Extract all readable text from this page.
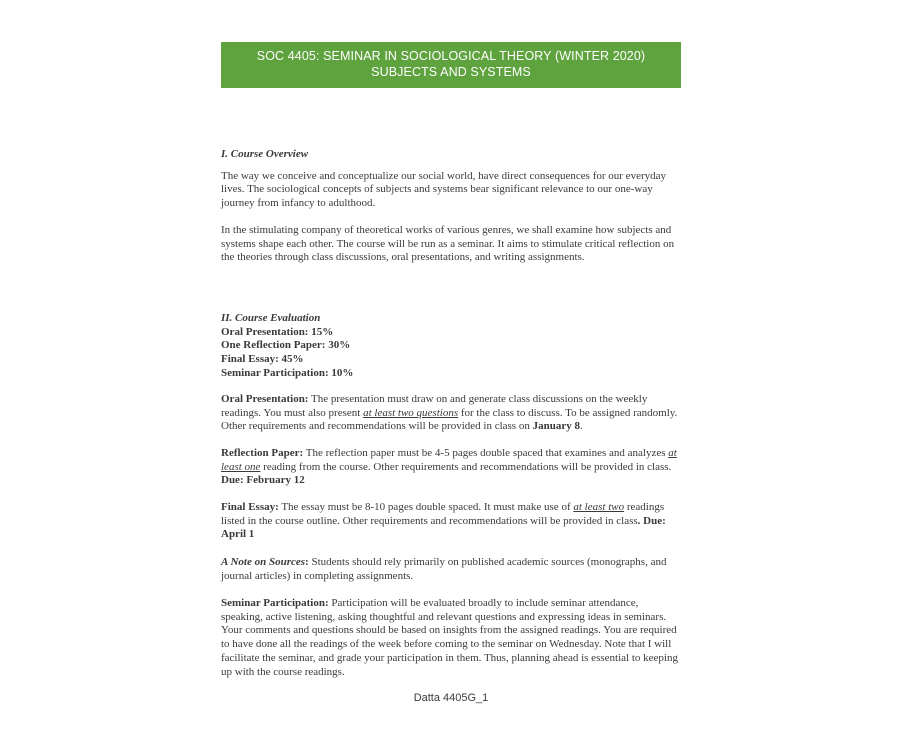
SOC 4405: SEMINAR IN SOCIOLOGICAL THEORY (WINTER 2020)
SUBJECTS AND SYSTEMS

I. Course Overview

The way we conceive and conceptualize our social world, have direct consequences for our everyday lives. The sociological concepts of subjects and systems bear significant relevance to our one-way journey from infancy to adulthood.

In the stimulating company of theoretical works of various genres, we shall examine how subjects and systems shape each other. The course will be run as a seminar. It aims to stimulate critical reflection on the theories through class discussions, oral presentations, and writing assignments.

II. Course Evaluation

Oral Presentation: 15%

One Reflection Paper: 30%

Final Essay: 45%

Seminar Participation: 10%

Oral Presentation: The presentation must draw on and generate class discussions on the weekly readings. You must also present at least two questions for the class to discuss. To be assigned randomly. Other requirements and recommendations will be provided in class on January 8.

Reflection Paper: The reflection paper must be 4-5 pages double spaced that examines and analyzes at least one reading from the course. Other requirements and recommendations will be provided in class. Due: February 12

Final Essay: The essay must be 8-10 pages double spaced. It must make use of at least two readings listed in the course outline. Other requirements and recommendations will be provided in class. Due: April 1

A Note on Sources: Students should rely primarily on published academic sources (monographs, and journal articles) in completing assignments.

Seminar Participation: Participation will be evaluated broadly to include seminar attendance, speaking, active listening, asking thoughtful and relevant questions and expressing ideas in seminars. Your comments and questions should be based on insights from the assigned readings. You are required to have done all the readings of the week before coming to the seminar on Wednesday. Note that I will facilitate the seminar, and grade your participation in them. Thus, planning ahead is essential to keeping up with the course readings.

Datta 4405G_1
